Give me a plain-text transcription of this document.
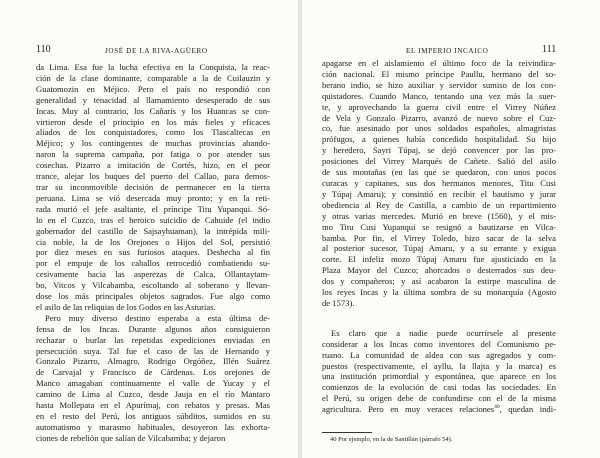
110	JOSÉ DE LA RIVA-AGÜERO
da Lima. Esa fue la lucha efectiva en la Conquista, la reac-
ción de la clase dominante, comparable a la de Cuilauzin y
Guatomozin en Méjico. Pero el país no respondió con
generalidad y tenacidad al llamamiento desesperado de sus
Incas. Muy al contrario, los Cañaris y los Huancas se con-
virtieron desde el principio en los más fieles y eficaces
aliados de los conquistadores, como los Tlascaltecas en
Méjico; y los contingentes de muchas provincias abando-
naron la suprema campaña, por fatiga o por atender sus
cosechas. Pizarro a imitación de Cortés, hizo, en el peor
trance, alejar los buques del puerto del Callao, para demos-
trar su inconmovible decisión de permanecer en la tierra
peruana. Lima se vió desercada muy pronto; y en la reti-
rada murió el jefe asaltante, el príncipe Titu Yupanqui. Só-
lo en el Cuzco, tras el heroico suicidio de Cahuide (el indio
gobernador del castillo de Sajsayhuaman), la intrépida mili-
cia noble, la de los Orejones o Hijos del Sol, persistió
por diez meses en sus furiosos ataques. Deshecha al fin
por el empuje de los caballos retrocedió combatiendo su-
cesivamente hacia las asperezas de Calca, Ollantaytam-
bo, Vitcos y Vilcabamba, escoltando al soberano y llevan-
dose los más principales objetos sagrados. Fue algo como
el asilo de las reliquias de los Godos en las Asturias.
Pero muy diverso destino esperaba a esta última de-
fensa de los Incas. Durante algunos años consiguieron
rechazar o burlar las repetidas expediciones enviadas en
persecución suya. Tal fue el caso de las de Hernando y
Gonzalo Pizarro, Almagro, Rodrigo Orgóñez, Illén Suárez
de Carvajal y Francisco de Cárdenas. Los orejones de
Manco amagaban continuamente el valle de Yucay y el
camino de Lima al Cuzco, desde Jauja en el río Mantaro
hasta Mollepata en el Apurímaj, con rebatos y presas. Mas
en el resto del Perú, los antiguos súbditos, sumidos en su
automatismo y marasmo habituales, desoyeron las exhorta-
ciones de rebelión que salían de Vilcabamba; y dejaron
EL IMPERIO INCAICO	111
apagarse en el aislamiento el último foco de la reivindica-
ción nacional. El mismo príncipe Paullu, hermano del so-
berano indio, se hizo auxiliar y servidor sumiso de los con-
quistadores. Cuando Manco, tentando una vez más la suer-
te, y aprovechando la guerra civil entre el Virrey Núñez
de Vela y Gonzalo Pizarro, avanzó de nuevo sobre el Cuz-
co, fue asesinado por unos soldados españoles, almagristas
prófugos, a quienes había concedido hospitalidad. Su hijo
y heredero, Sayri Túpaj, se dejó convencer por las pro-
posiciones del Virrey Marqués de Cañete. Salió del asilo
de sus montañas (en las que se quedaron, con unos pocos
curacas y capitanes, sus dos hermanos menores, Titu Cusi
y Túpaj Amaru); y consintió en recibir el bautismo y jurar
obediencia al Rey de Castilla, a cambio de un repartimiento
y otras varias mercedes. Murió en breve (1560), y el mis-
mo Titu Cusi Yupanqui se resignó a bautizarse en Vilca-
bamba. Por fin, el Virrey Toledo, hizo sacar de la selva
al posterior sucesor, Túpaj Amaru, y a su errante y exigua
corte. El infeliz mozo Túpaj Amaru fue ajusticiado en la
Plaza Mayor del Cuzco; ahorcados o desterrados sus deu-
dos y compañeros; y así acabaron la estirpe masculina de
los reyes Incas y la última sombra de su monarquía (Agosto
de 1573).
Es claro que a nadie puede ocurrírsele al presente
considerar a los Incas como inventores del Comunismo pe-
ruano. La comunidad de aldea con sus agregados y com-
puestos (respectivamente, el ayllu, la llajta y la marca) es
una institución primordial y espontánea, que aparece en los
comienzos de la evolución de casi todas las sociedades. En
el Perú, su origen debe de confundirse con el de la misma
agricultura. Pero en muy veraces relaciones$^{40}$, quedan indi-
40 Por ejemplo, en la de Santillán (párrafo 54).
